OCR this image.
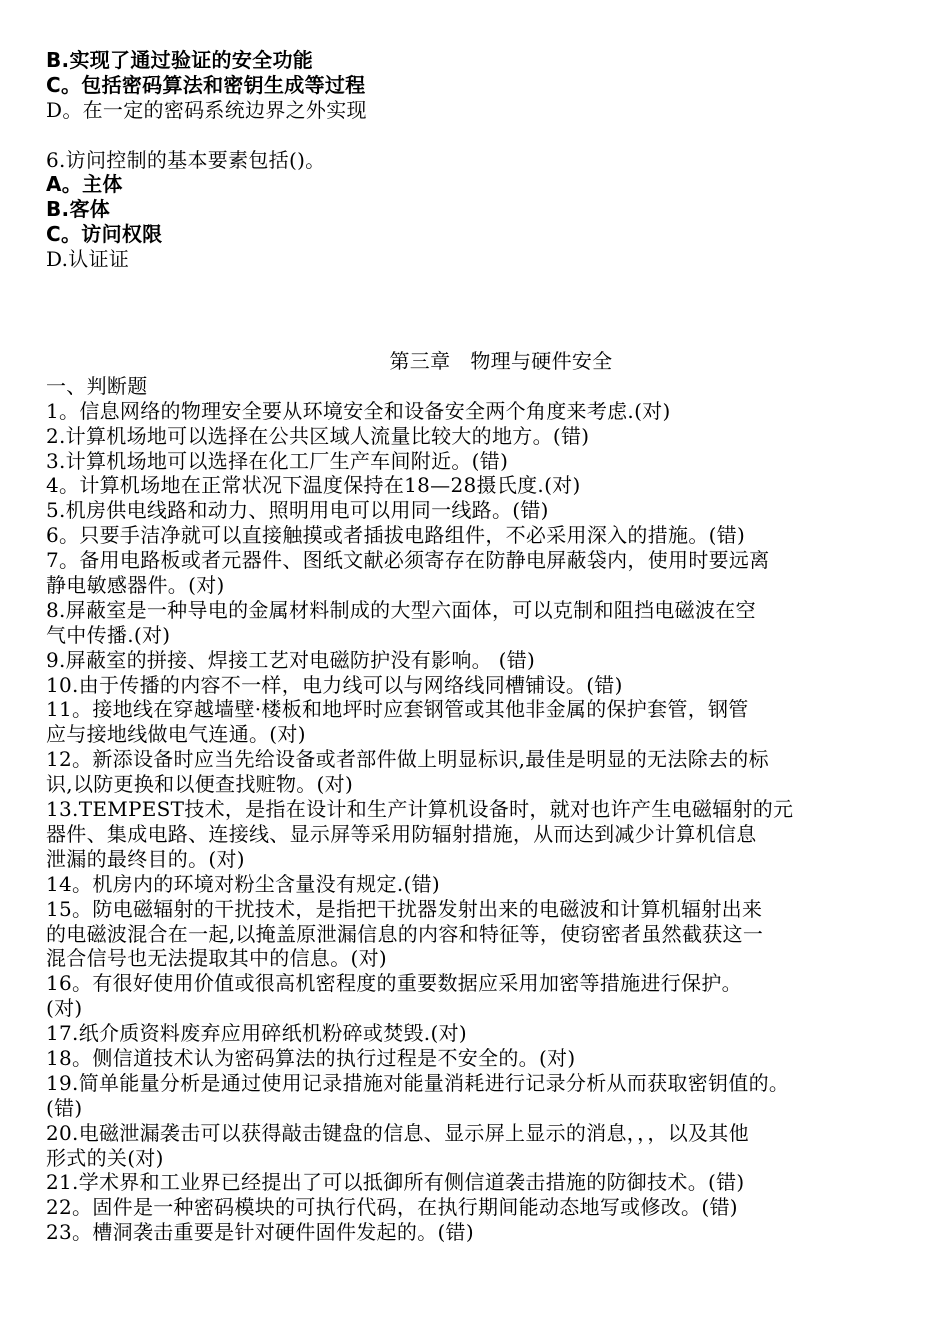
B.实现了通过验证的安全功能
C。包括密码算法和密钥生成等过程
D。在一定的密码系统边界之外实现
6.访问控制的基本要素包括()。
A。主体
B.客体
C。访问权限
D.认证证
第三章   物理与硬件安全
一、判断题
1。信息网络的物理安全要从环境安全和设备安全两个角度来考虑.(对)
2.计算机场地可以选择在公共区域人流量比较大的地方。(错)
3.计算机场地可以选择在化工厂生产车间附近。(错)
4。计算机场地在正常状况下温度保持在18—28摄氏度.(对)
5.机房供电线路和动力、照明用电可以用同一线路。(错)
6。只要手洁净就可以直接触摸或者插拔电路组件，不必采用深入的措施。(错)
7。备用电路板或者元器件、图纸文献必须寄存在防静电屏蔽袋内，使用时要远离
静电敏感器件。(对)
8.屏蔽室是一种导电的金属材料制成的大型六面体，可以克制和阻挡电磁波在空
气中传播.(对)
9.屏蔽室的拼接、焊接工艺对电磁防护没有影响。 (错)
10.由于传播的内容不一样，电力线可以与网络线同槽铺设。(错)
11。接地线在穿越墙壁·楼板和地坪时应套钢管或其他非金属的保护套管，钢管
应与接地线做电气连通。(对)
12。新添设备时应当先给设备或者部件做上明显标识,最佳是明显的无法除去的标
识,以防更换和以便查找赃物。(对)
13.TEMPEST技术，是指在设计和生产计算机设备时，就对也许产生电磁辐射的元
器件、集成电路、连接线、显示屏等采用防辐射措施，从而达到减少计算机信息
泄漏的最终目的。(对)
14。机房内的环境对粉尘含量没有规定.(错)
15。防电磁辐射的干扰技术，是指把干扰器发射出来的电磁波和计算机辐射出来
的电磁波混合在一起,以掩盖原泄漏信息的内容和特征等，使窃密者虽然截获这一
混合信号也无法提取其中的信息。(对)
16。有很好使用价值或很高机密程度的重要数据应采用加密等措施进行保护。
(对)
17.纸介质资料废弃应用碎纸机粉碎或焚毁.(对)
18。侧信道技术认为密码算法的执行过程是不安全的。(对)
19.简单能量分析是通过使用记录措施对能量消耗进行记录分析从而获取密钥值的。
(错)
20.电磁泄漏袭击可以获得敲击键盘的信息、显示屏上显示的消息，，，以及其他
形式的关(对)
21.学术界和工业界已经提出了可以抵御所有侧信道袭击措施的防御技术。(错)
22。固件是一种密码模块的可执行代码，在执行期间能动态地写或修改。(错)
23。槽洞袭击重要是针对硬件固件发起的。(错)
